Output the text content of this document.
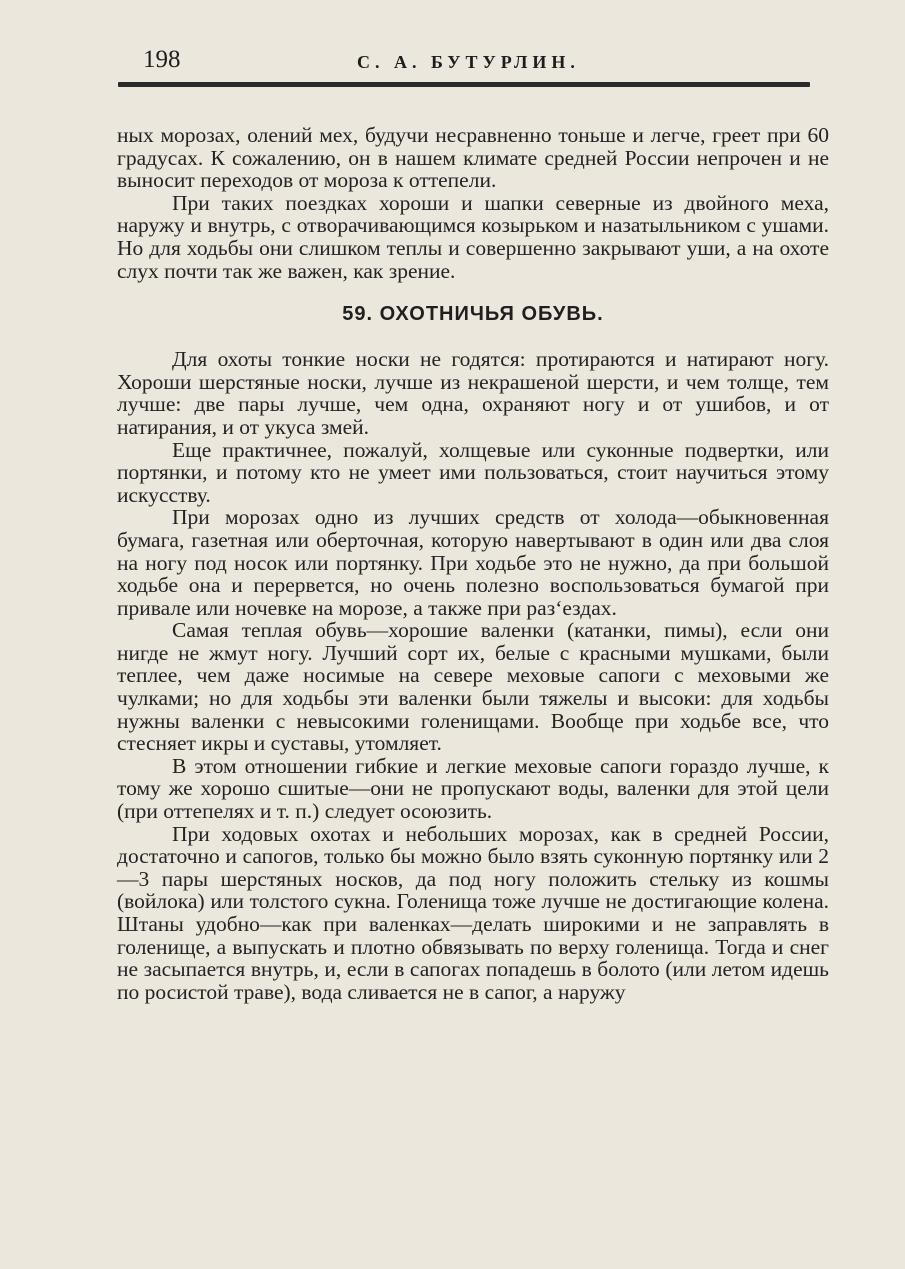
198	С. А. БУТУРЛИН.

ных морозах, олений мех, будучи несравненно тоньше и легче, греет при 60 градусах. К сожалению, он в нашем климате средней России непрочен и не выносит переходов от мороза к оттепели.

При таких поездках хороши и шапки северные из двойного меха, наружу и внутрь, с отворачивающимся козырьком и назатыльником с ушами. Но для ходьбы они слишком теплы и совершенно закрывают уши, а на охоте слух почти так же важен, как зрение.

59. ОХОТНИЧЬЯ ОБУВЬ.

Для охоты тонкие носки не годятся: протираются и натирают ногу. Хороши шерстяные носки, лучше из некрашеной шерсти, и чем толще, тем лучше: две пары лучше, чем одна, охраняют ногу и от ушибов, и от натирания, и от укуса змей.

Еще практичнее, пожалуй, холщевые или суконные подвертки, или портянки, и потому кто не умеет ими пользоваться, стоит научиться этому искусству.

При морозах одно из лучших средств от холода—обыкновенная бумага, газетная или оберточная, которую навертывают в один или два слоя на ногу под носок или портянку. При ходьбе это не нужно, да при большой ходьбе она и перервется, но очень полезно воспользоваться бумагой при привале или ночевке на морозе, а также при раз‘ездах.

Самая теплая обувь—хорошие валенки (катанки, пимы), если они нигде не жмут ногу. Лучший сорт их, белые с красными мушками, были теплее, чем даже носимые на севере меховые сапоги с меховыми же чулками; но для ходьбы эти валенки были тяжелы и высоки: для ходьбы нужны валенки с невысокими голенищами. Вообще при ходьбе все, что стесняет икры и суставы, утомляет.

В этом отношении гибкие и легкие меховые сапоги гораздо лучше, к тому же хорошо сшитые—они не пропускают воды, валенки для этой цели (при оттепелях и т. п.) следует осоюзить.

При ходовых охотах и небольших морозах, как в средней России, достаточно и сапогов, только бы можно было взять суконную портянку или 2—3 пары шерстяных носков, да под ногу положить стельку из кошмы (войлока) или толстого сукна. Голенища тоже лучше не достигающие колена. Штаны удобно—как при валенках—делать широкими и не заправлять в голенище, а выпускать и плотно обвязывать по верху голенища. Тогда и снег не засыпается внутрь, и, если в сапогах попадешь в болото (или летом идешь по росистой траве), вода сливается не в сапог, а наружу
